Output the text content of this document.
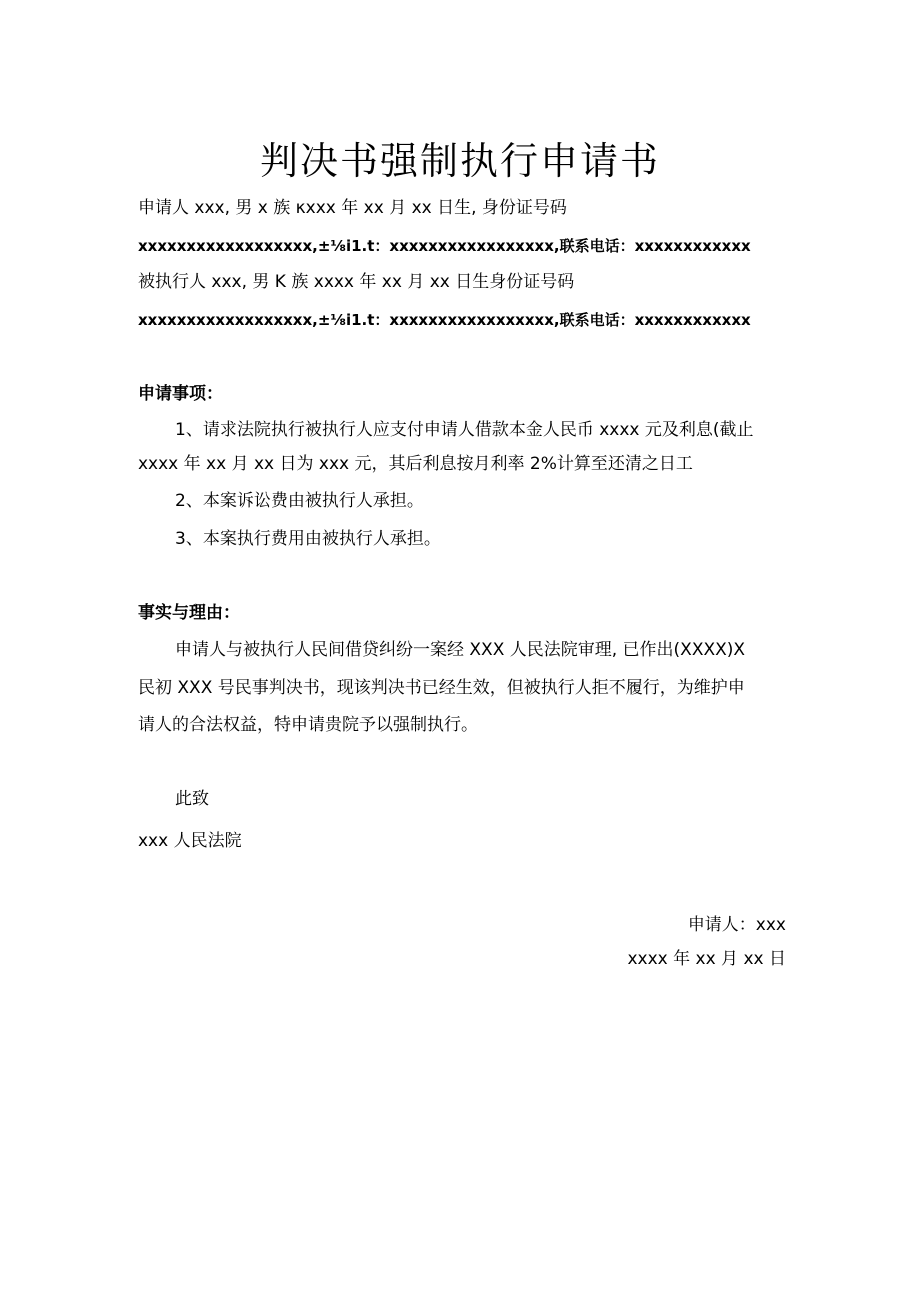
判决书强制执行申请书
申请人 xxx, 男 x 族 κxxx 年 xx 月 xx 日生, 身份证号码
xxxxxxxxxxxxxxxxxx,±⅛i1.t：xxxxxxxxxxxxxxxxx,联系电话：xxxxxxxxxxxx
被执行人 xxx, 男 K 族 xxxx 年 xx 月 xx 日生身份证号码
xxxxxxxxxxxxxxxxxx,±⅛i1.t：xxxxxxxxxxxxxxxxx,联系电话：xxxxxxxxxxxx
申请事项：
1、请求法院执行被执行人应支付申请人借款本金人民币 xxxx 元及利息(截止
xxxx 年 xx 月 xx 日为 xxx 元，其后利息按月利率 2%计算至还清之日工
2、本案诉讼费由被执行人承担。
3、本案执行费用由被执行人承担。
事实与理由：
申请人与被执行人民间借贷纠纷一案经 XXX 人民法院审理, 已作出(XXXX)X
民初 XXX 号民事判决书，现该判决书已经生效，但被执行人拒不履行，为维护申
请人的合法权益，特申请贵院予以强制执行。
此致
xxx 人民法院
申请人：xxx
xxxx 年 xx 月 xx 日
